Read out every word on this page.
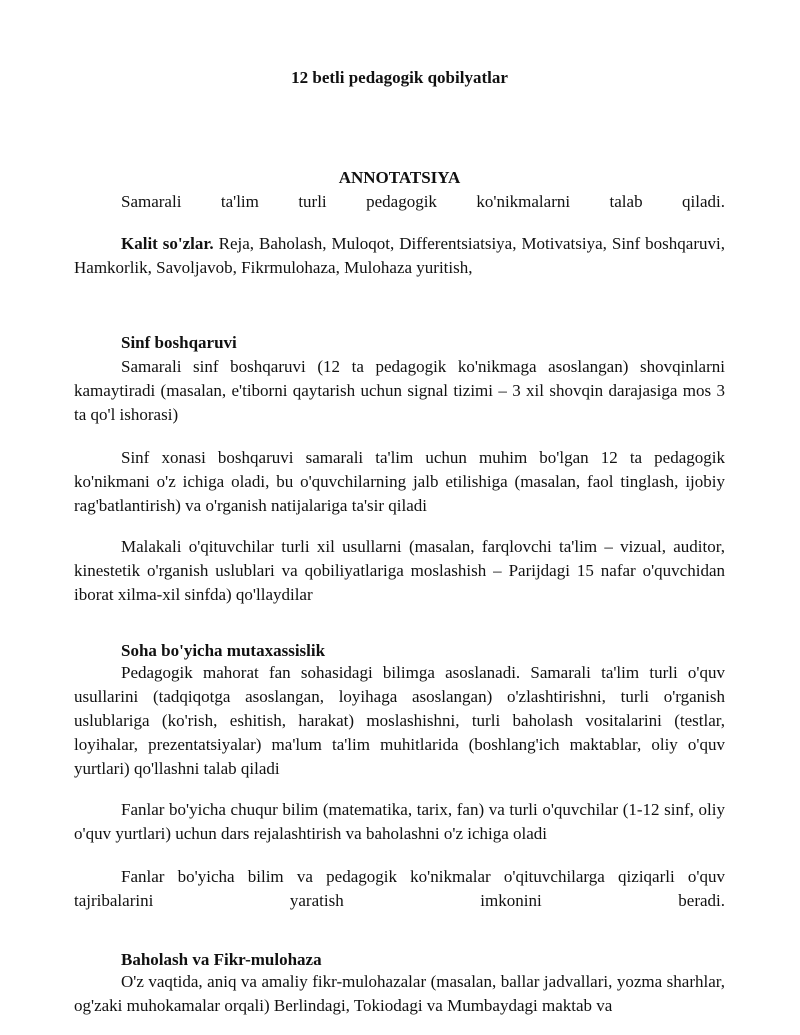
12 betli pedagogik qobilyatlar
ANNOTATSIYA

Samarali ta'lim turli pedagogik ko'nikmalarni talab qiladi.

Kalit so'zlar. Reja, Baholash, Muloqot, Differentsiatsiya, Motivatsiya, Sinf boshqaruvi, Hamkorlik, Savoljavob, Fikrmulohaza, Mulohaza yuritish,

Sinf boshqaruvi

Samarali sinf boshqaruvi (12 ta pedagogik ko'nikmaga asoslangan) shovqinlarni kamaytiradi (masalan, e'tiborni qaytarish uchun signal tizimi – 3 xil shovqin darajasiga mos 3 ta qo'l ishorasi)

Sinf xonasi boshqaruvi samarali ta'lim uchun muhim bo'lgan 12 ta pedagogik ko'nikmani o'z ichiga oladi, bu o'quvchilarning jalb etilishiga (masalan, faol tinglash, ijobiy rag'batlantirish) va o'rganish natijalariga ta'sir qiladi

Malakali o'qituvchilar turli xil usullarni (masalan, farqlovchi ta'lim – vizual, auditor, kinestetik o'rganish uslublari va qobiliyatlariga moslashish – Parijdagi 15 nafar o'quvchidan iborat xilma-xil sinfda) qo'llaydilar

Soha bo'yicha mutaxassislik

Pedagogik mahorat fan sohasidagi bilimga asoslanadi. Samarali ta'lim turli o'quv usullarini (tadqiqotga asoslangan, loyihaga asoslangan) o'zlashtirishni, turli o'rganish uslublariga (ko'rish, eshitish, harakat) moslashishni, turli baholash vositalarini (testlar, loyihalar, prezentatsiyalar) ma'lum ta'lim muhitlarida (boshlang'ich maktablar, oliy o'quv yurtlari) qo'llashni talab qiladi

Fanlar bo'yicha chuqur bilim (matematika, tarix, fan) va turli o'quvchilar (1-12 sinf, oliy o'quv yurtlari) uchun dars rejalashtirish va baholashni o'z ichiga oladi

Fanlar bo'yicha bilim va pedagogik ko'nikmalar o'qituvchilarga qiziqarli o'quv tajribalarini yaratish imkonini beradi.

Baholash va Fikr-mulohaza

O'z vaqtida, aniq va amaliy fikr-mulohazalar (masalan, ballar jadvallari, yozma sharhlar, og'zaki muhokamalar orqali) Berlindagi, Tokiodagi va Mumbaydagi maktab va
